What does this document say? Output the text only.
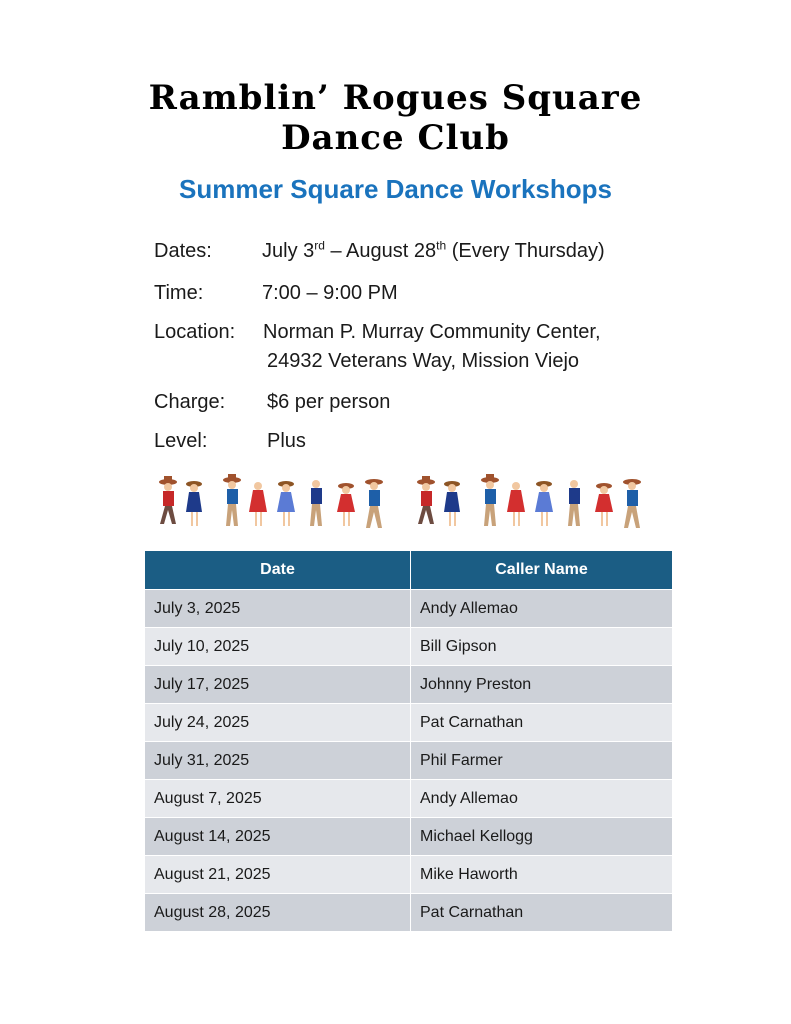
Ramblin’ Rogues Square
Dance Club
Summer Square Dance Workshops
Dates:	July 3rd – August 28th (Every Thursday)
Time:	7:00 – 9:00 PM
Location: Norman P. Murray Community Center,
24932 Veterans Way, Mission Viejo
Charge: $6 per person
Level:	Plus
Date	Caller Name
July 3, 2025	Andy Allemao
July 10, 2025	Bill Gipson
July 17, 2025	Johnny Preston
July 24, 2025	Pat Carnathan
July 31, 2025	Phil Farmer
August 7, 2025	Andy Allemao
August 14, 2025	Michael Kellogg
August 21, 2025	Mike Haworth
August 28, 2025	Pat Carnathan
